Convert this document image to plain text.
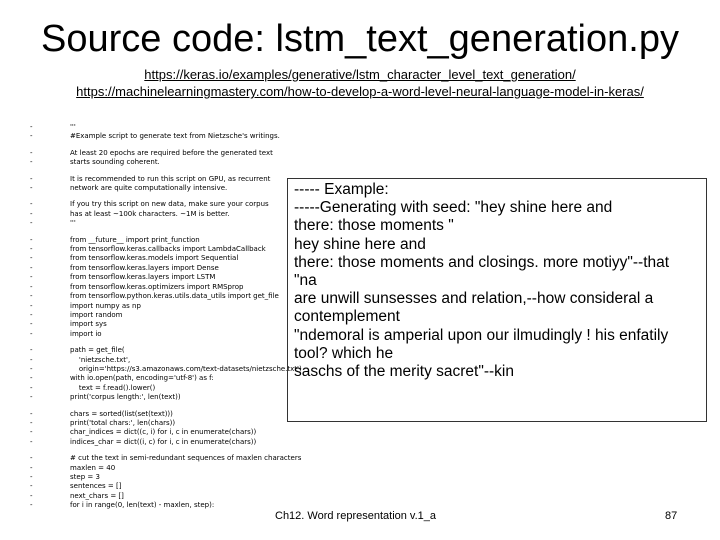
Source code: lstm_text_generation.py
https://keras.io/examples/generative/lstm_character_level_text_generation/
https://machinelearningmastery.com/how-to-develop-a-word-level-neural-language-model-in-keras/
-	'''
-	#Example script to generate text from Nietzsche's writings.
-	At least 20 epochs are required before the generated text
-	starts sounding coherent.
-	It is recommended to run this script on GPU, as recurrent
-	network are quite computationally intensive.
-	If you try this script on new data, make sure your corpus
-	has at least ~100k characters. ~1M is better.
-	'''
-	from __future__ import print_function
-	from tensorflow.keras.callbacks import LambdaCallback
-	from tensorflow.keras.models import Sequential
-	from tensorflow.keras.layers import Dense
-	from tensorflow.keras.layers import LSTM
-	from tensorflow.keras.optimizers import RMSprop
-	from tensorflow.python.keras.utils.data_utils import get_file
-	import numpy as np
-	import random
-	import sys
-	import io
-	path = get_file(
-	'nietzsche.txt',
-	origin='https://s3.amazonaws.com/text-datasets/nietzsche.txt')
-	with io.open(path, encoding='utf-8') as f:
-	text = f.read().lower()
-	print('corpus length:', len(text))
-	chars = sorted(list(set(text)))
-	print('total chars:', len(chars))
-	char_indices = dict((c, i) for i, c in enumerate(chars))
-	indices_char = dict((i, c) for i, c in enumerate(chars))
-	# cut the text in semi-redundant sequences of maxlen characters
-	maxlen = 40
-	step = 3
-	sentences = []
-	next_chars = []
-	for i in range(0, len(text) - maxlen, step):
----- Example:
-----Generating with seed: "hey shine here and
there: those moments "
hey shine here and
there: those moments and closings. more motiyy"--that
"na
are unwill sunsesses and relation,--how consideral a
contemplement
"ndemoral is amperial upon our ilmudingly ! his enfatily
tool? which he
saschs of the merity sacret"--kin
Ch12. Word representation v.1_a	87
